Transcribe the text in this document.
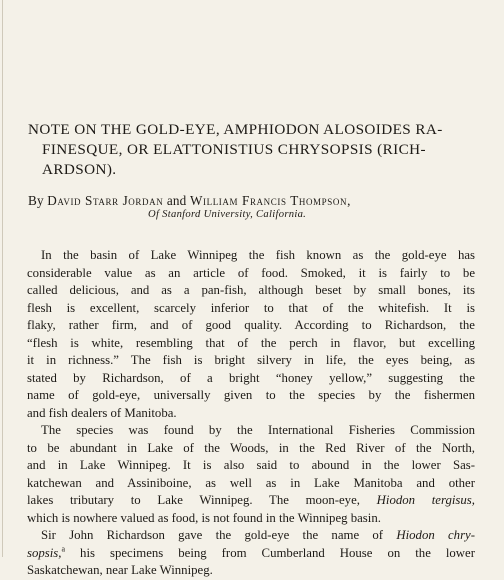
NOTE ON THE GOLD-EYE, AMPHIODON ALOSOIDES RA-
FINESQUE, OR ELATTONISTIUS CHRYSOPSIS (RICH-
ARDSON).
By David Starr Jordan and William Francis Thompson,
Of Stanford University, California.

In the basin of Lake Winnipeg the fish known as the gold-eye has
considerable value as an article of food. Smoked, it is fairly to be
called delicious, and as a pan-fish, although beset by small bones, its
flesh is excellent, scarcely inferior to that of the whitefish. It is
flaky, rather firm, and of good quality. According to Richardson, the
“flesh is white, resembling that of the perch in flavor, but excelling
it in richness.” The fish is bright silvery in life, the eyes being, as
stated by Richardson, of a bright “honey yellow,” suggesting the
name of gold-eye, universally given to the species by the fishermen
and fish dealers of Manitoba.

The species was found by the International Fisheries Commission
to be abundant in Lake of the Woods, in the Red River of the North,
and in Lake Winnipeg. It is also said to abound in the lower Sas-
katchewan and Assiniboine, as well as in Lake Manitoba and other
lakes tributary to Lake Winnipeg. The moon-eye, Hiodon tergisus,
which is nowhere valued as food, is not found in the Winnipeg basin.

Sir John Richardson gave the gold-eye the name of Hiodon chry-
sopsis,$^a$ his specimens being from Cumberland House on the lower
Saskatchewan, near Lake Winnipeg.
